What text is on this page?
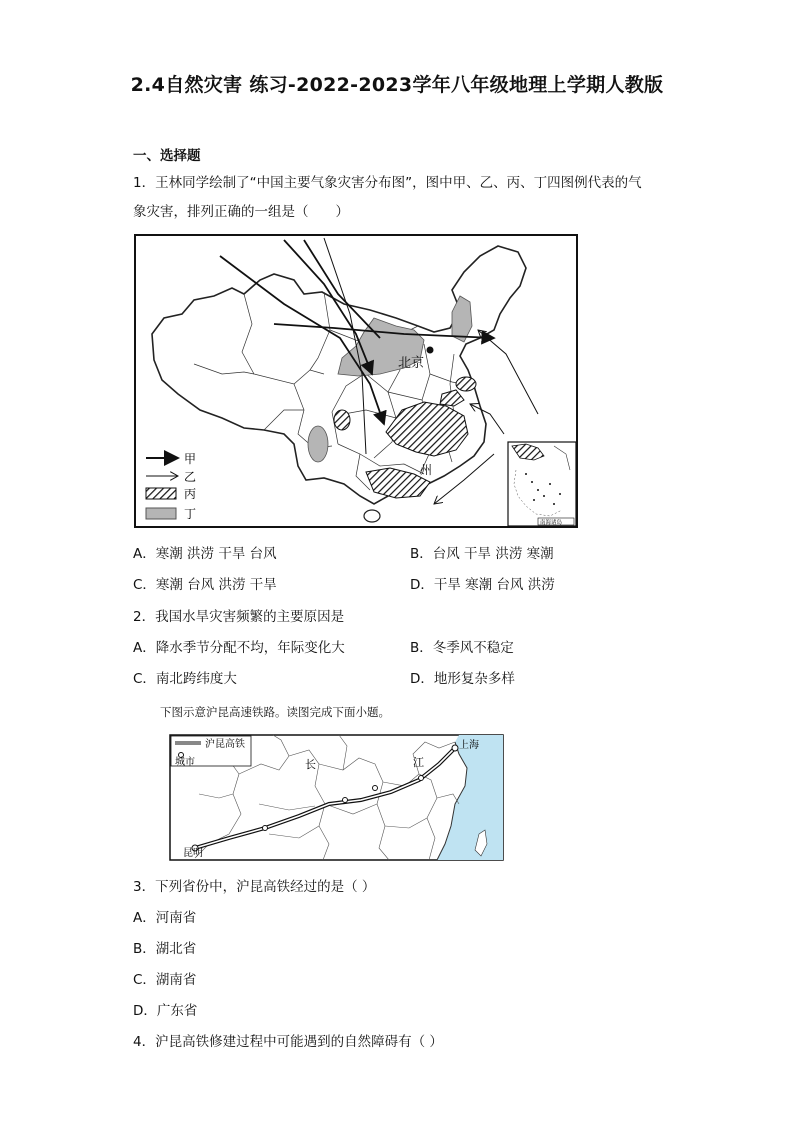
2.4自然灾害 练习-2022-2023学年八年级地理上学期人教版
一、选择题
1．王林同学绘制了“中国主要气象灾害分布图”，图中甲、乙、丙、丁四图例代表的气
象灾害，排列正确的一组是（　　）
北京
州
甲
乙
丙
丁
南海诸岛
A．寒潮 洪涝 干旱 台风	B．台风 干旱 洪涝 寒潮
C．寒潮 台风 洪涝 干旱	D．干旱 寒潮 台风 洪涝
2．我国水旱灾害频繁的主要原因是
A．降水季节分配不均，年际变化大	B．冬季风不稳定
C．南北跨纬度大	D．地形复杂多样
下图示意沪昆高速铁路。读图完成下面小题。
沪昆高铁
城市	长	江
上海
昆明
3．下列省份中，沪昆高铁经过的是（ ）
A．河南省
B．湖北省
C．湖南省
D．广东省
4．沪昆高铁修建过程中可能遇到的自然障碍有（ ）
